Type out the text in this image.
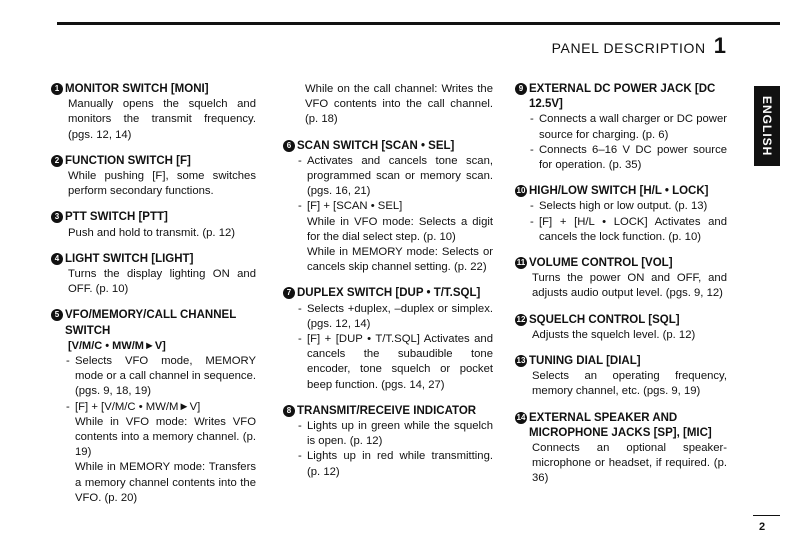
PANEL DESCRIPTION 1
ENGLISH
1 MONITOR SWITCH [MONI]
Manually opens the squelch and monitors the transmit frequency. (pgs. 12, 14)
2 FUNCTION SWITCH [F]
While pushing [F], some switches perform secondary functions.
3 PTT SWITCH [PTT]
Push and hold to transmit. (p. 12)
4 LIGHT SWITCH [LIGHT]
Turns the display lighting ON and OFF. (p. 10)
5 VFO/MEMORY/CALL CHANNEL SWITCH
[V/M/C • MW/M►V]
- Selects VFO mode, MEMORY mode or a call channel in sequence. (pgs. 9, 18, 19)
- [F] + [V/M/C • MW/M►V]
While in VFO mode: Writes VFO contents into a memory channel. (p. 19)
While in MEMORY mode: Transfers a memory channel contents into the VFO. (p. 20)
While on the call channel: Writes the VFO contents into the call channel. (p. 18)
6 SCAN SWITCH [SCAN • SEL]
- Activates and cancels tone scan, programmed scan or memory scan. (pgs. 16, 21)
- [F] + [SCAN • SEL]
While in VFO mode: Selects a digit for the dial select step. (p. 10)
While in MEMORY mode: Selects or cancels skip channel setting. (p. 22)
7 DUPLEX SWITCH [DUP • T/T.SQL]
- Selects +duplex, –duplex or simplex. (pgs. 12, 14)
- [F] + [DUP • T/T.SQL] Activates and cancels the subaudible tone encoder, tone squelch or pocket beep function. (pgs. 14, 27)
8 TRANSMIT/RECEIVE INDICATOR
- Lights up in green while the squelch is open. (p. 12)
- Lights up in red while transmitting. (p. 12)
9 EXTERNAL DC POWER JACK [DC 12.5V]
- Connects a wall charger or DC power source for charging. (p. 6)
- Connects 6–16 V DC power source for operation. (p. 35)
10 HIGH/LOW SWITCH [H/L • LOCK]
- Selects high or low output. (p. 13)
- [F] + [H/L • LOCK] Activates and cancels the lock function. (p. 10)
11 VOLUME CONTROL [VOL]
Turns the power ON and OFF, and adjusts audio output level. (pgs. 9, 12)
12 SQUELCH CONTROL [SQL]
Adjusts the squelch level. (p. 12)
13 TUNING DIAL [DIAL]
Selects an operating frequency, memory channel, etc. (pgs. 9, 19)
14 EXTERNAL SPEAKER AND MICROPHONE JACKS [SP], [MIC]
Connects an optional speaker-microphone or headset, if required. (p. 36)
2
